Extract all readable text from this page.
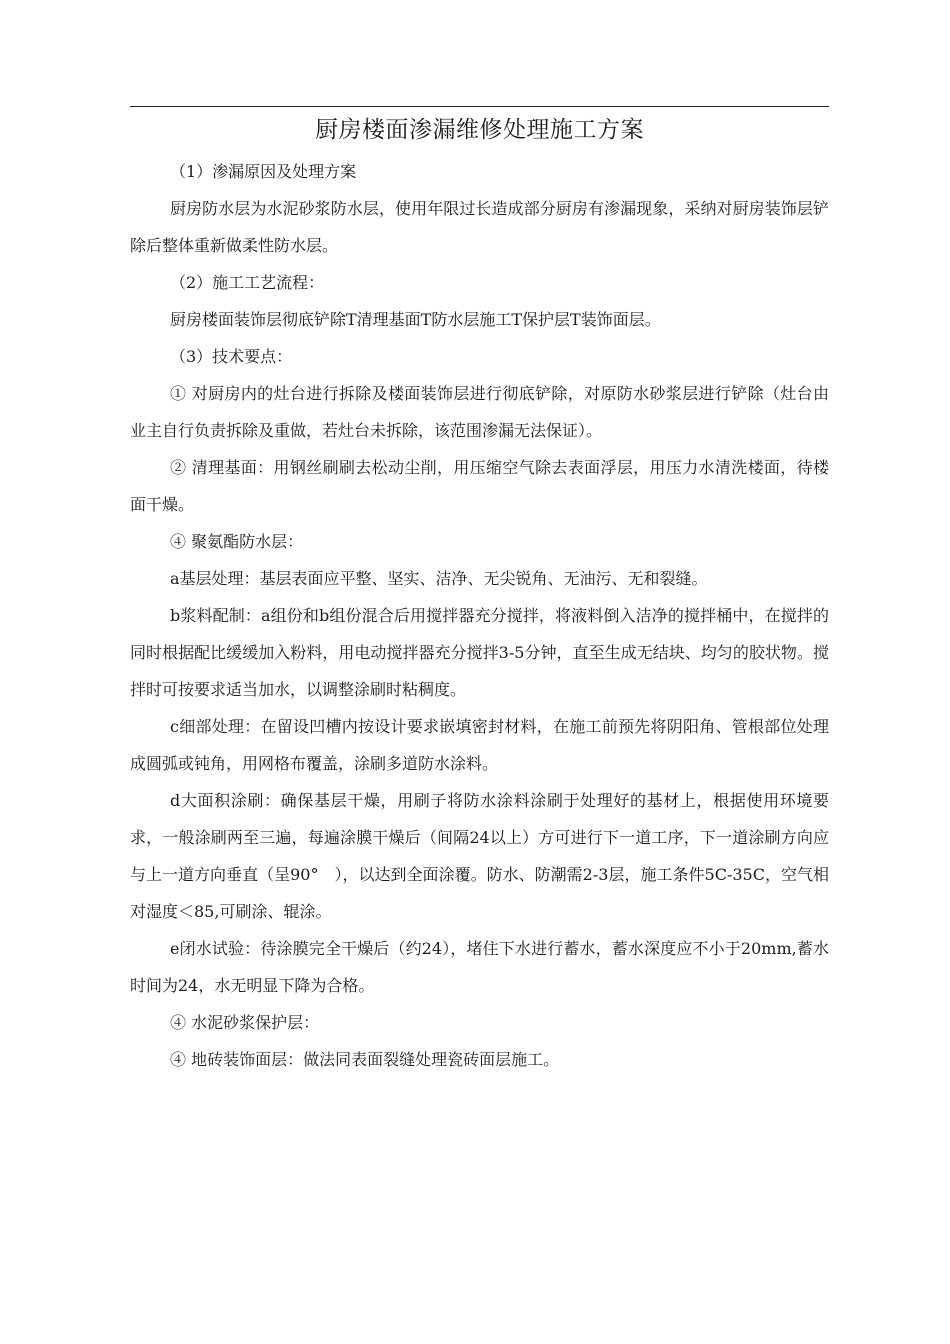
厨房楼面渗漏维修处理施工方案

（1）渗漏原因及处理方案

厨房防水层为水泥砂浆防水层，使用年限过长造成部分厨房有渗漏现象，采纳对厨房装饰层铲除后整体重新做柔性防水层。

（2）施工工艺流程：

厨房楼面装饰层彻底铲除T清理基面T防水层施工T保护层T装饰面层。

（3）技术要点：

① 对厨房内的灶台进行拆除及楼面装饰层进行彻底铲除，对原防水砂浆层进行铲除（灶台由业主自行负责拆除及重做，若灶台未拆除，该范围渗漏无法保证）。

② 清理基面：用钢丝刷刷去松动尘削，用压缩空气除去表面浮层，用压力水清洗楼面，待楼面干燥。

④ 聚氨酯防水层：

a基层处理：基层表面应平整、坚实、洁净、无尖锐角、无油污、无和裂缝。

b浆料配制：a组份和b组份混合后用搅拌器充分搅拌，将液料倒入洁净的搅拌桶中，在搅拌的同时根据配比缓缓加入粉料，用电动搅拌器充分搅拌3-5分钟，直至生成无结块、均匀的胶状物。搅拌时可按要求适当加水，以调整涂刷时粘稠度。

c细部处理：在留设凹槽内按设计要求嵌填密封材料，在施工前预先将阴阳角、管根部位处理成圆弧或钝角，用网格布覆盖，涂刷多道防水涂料。

d大面积涂刷：确保基层干燥，用刷子将防水涂料涂刷于处理好的基材上，根据使用环境要求，一般涂刷两至三遍，每遍涂膜干燥后（间隔24以上）方可进行下一道工序，下一道涂刷方向应与上一道方向垂直（呈90°　），以达到全面涂覆。防水、防潮需2-3层，施工条件5C-35C，空气相对湿度＜85,可刷涂、辊涂。

e闭水试验：待涂膜完全干燥后（约24），堵住下水进行蓄水，蓄水深度应不小于20mm,蓄水时间为24，水无明显下降为合格。

④ 水泥砂浆保护层：

④ 地砖装饰面层：做法同表面裂缝处理瓷砖面层施工。
